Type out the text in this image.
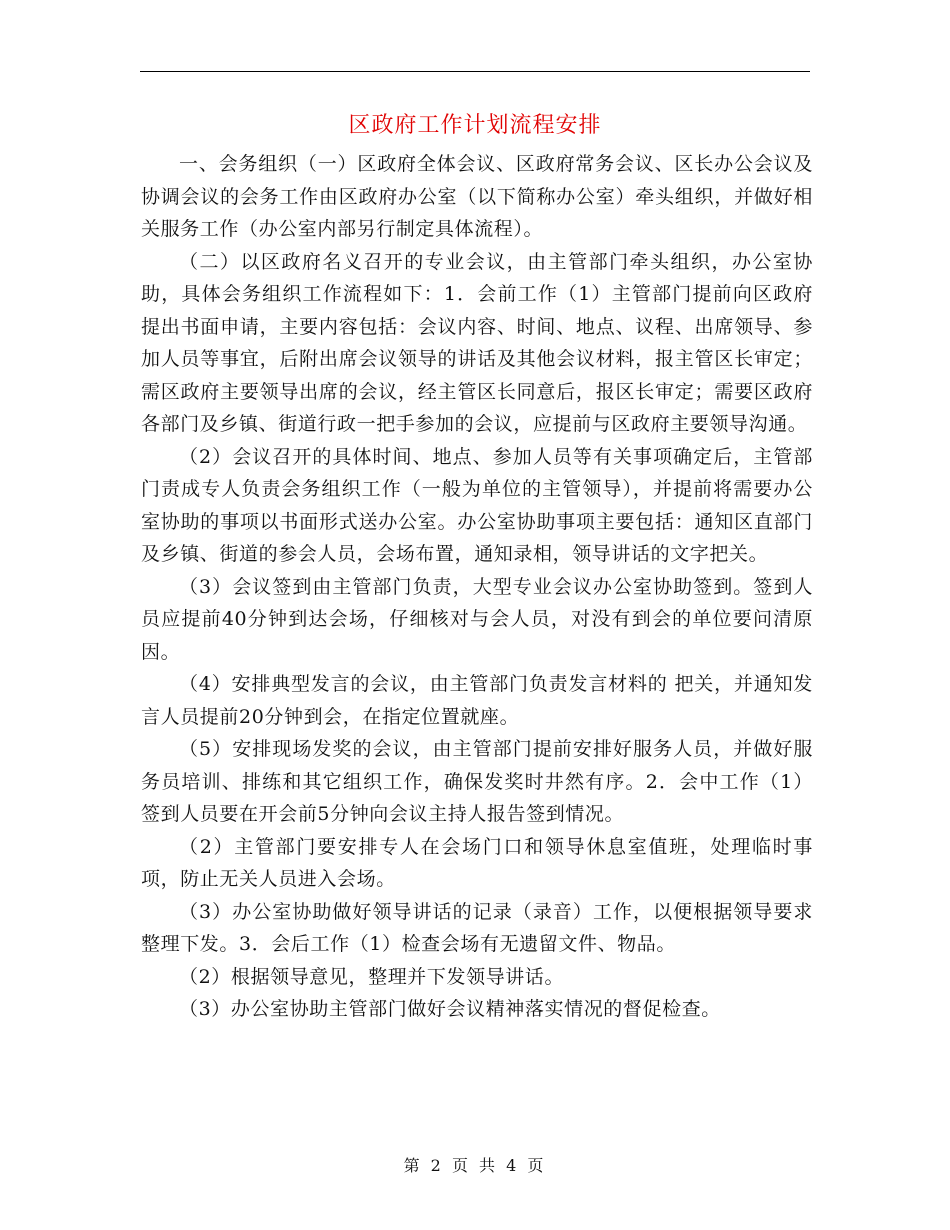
区政府工作计划流程安排

一、会务组织（一）区政府全体会议、区政府常务会议、区长办公会议及协调会议的会务工作由区政府办公室（以下简称办公室）牵头组织，并做好相关服务工作（办公室内部另行制定具体流程）。

（二）以区政府名义召开的专业会议，由主管部门牵头组织，办公室协助，具体会务组织工作流程如下：1．会前工作（1）主管部门提前向区政府提出书面申请，主要内容包括：会议内容、时间、地点、议程、出席领导、参加人员等事宜，后附出席会议领导的讲话及其他会议材料，报主管区长审定；需区政府主要领导出席的会议，经主管区长同意后，报区长审定；需要区政府各部门及乡镇、街道行政一把手参加的会议，应提前与区政府主要领导沟通。

（2）会议召开的具体时间、地点、参加人员等有关事项确定后，主管部门责成专人负责会务组织工作（一般为单位的主管领导），并提前将需要办公室协助的事项以书面形式送办公室。办公室协助事项主要包括：通知区直部门及乡镇、街道的参会人员，会场布置，通知录相，领导讲话的文字把关。

（3）会议签到由主管部门负责，大型专业会议办公室协助签到。签到人员应提前40分钟到达会场，仔细核对与会人员，对没有到会的单位要问清原因。

（4）安排典型发言的会议，由主管部门负责发言材料的 把关，并通知发言人员提前20分钟到会，在指定位置就座。

（5）安排现场发奖的会议，由主管部门提前安排好服务人员，并做好服务员培训、排练和其它组织工作，确保发奖时井然有序。2．会中工作（1）签到人员要在开会前5分钟向会议主持人报告签到情况。

（2）主管部门要安排专人在会场门口和领导休息室值班，处理临时事项，防止无关人员进入会场。

（3）办公室协助做好领导讲话的记录（录音）工作，以便根据领导要求整理下发。3．会后工作（1）检查会场有无遗留文件、物品。

（2）根据领导意见，整理并下发领导讲话。

（3）办公室协助主管部门做好会议精神落实情况的督促检查。

第 2 页 共 4 页
